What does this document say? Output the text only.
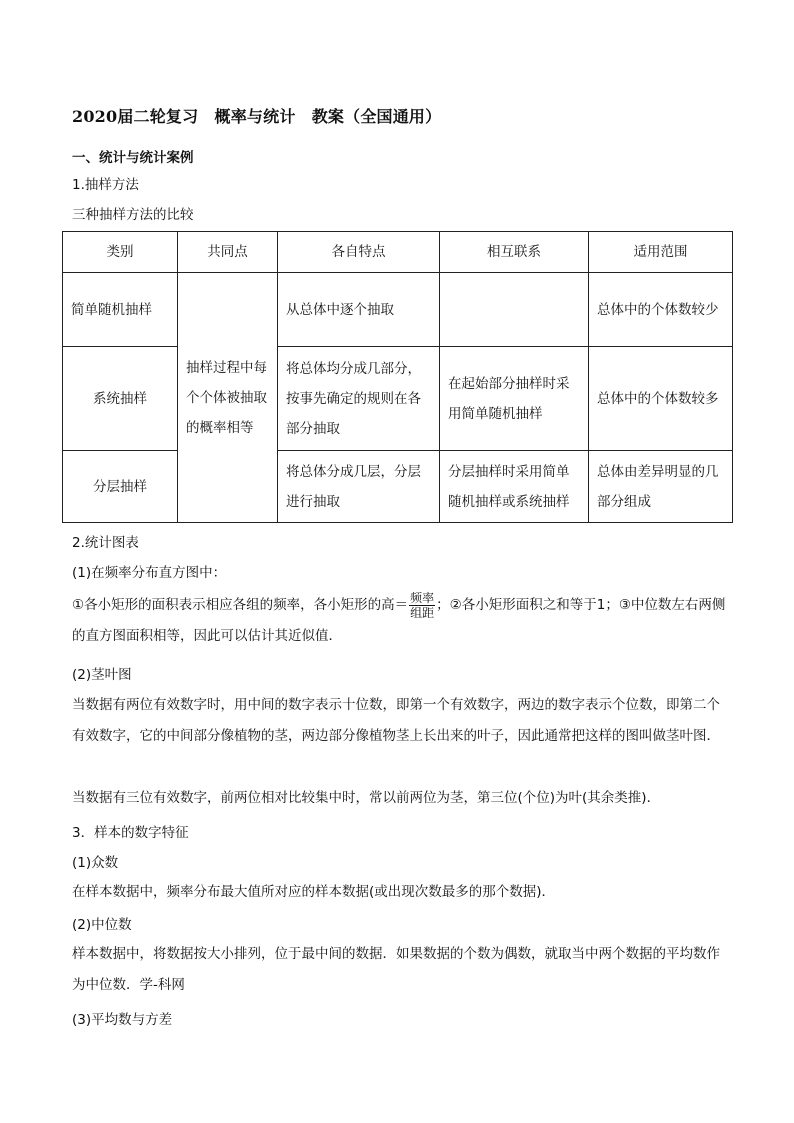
2020届二轮复习　概率与统计　教案（全国通用）
一、统计与统计案例
1.抽样方法
三种抽样方法的比较
类别	共同点	各自特点	相互联系	适用范围
简单随机抽样	抽样过程中每个个体被抽取的概率相等	从总体中逐个抽取		总体中的个体数较少
系统抽样		将总体均分成几部分，按事先确定的规则在各部分抽取	在起始部分抽样时采用简单随机抽样	总体中的个体数较多
分层抽样		将总体分成几层，分层进行抽取	分层抽样时采用简单随机抽样或系统抽样	总体由差异明显的几部分组成
2.统计图表
(1)在频率分布直方图中：
①各小矩形的面积表示相应各组的频率，各小矩形的高＝ $\frac{\text{频率}}{\text{组距}}$ ；②各小矩形面积之和等于1；③中位数左右两侧的直方图面积相等，因此可以估计其近似值．
(2)茎叶图
当数据有两位有效数字时，用中间的数字表示十位数，即第一个有效数字，两边的数字表示个位数，即第二个有效数字，它的中间部分像植物的茎，两边部分像植物茎上长出来的叶子，因此通常把这样的图叫做茎叶图．
当数据有三位有效数字，前两位相对比较集中时，常以前两位为茎，第三位(个位)为叶(其余类推)．
3．样本的数字特征
(1)众数
在样本数据中，频率分布最大值所对应的样本数据(或出现次数最多的那个数据)．
(2)中位数
样本数据中，将数据按大小排列，位于最中间的数据．如果数据的个数为偶数，就取当中两个数据的平均数作为中位数．学-科网
(3)平均数与方差
